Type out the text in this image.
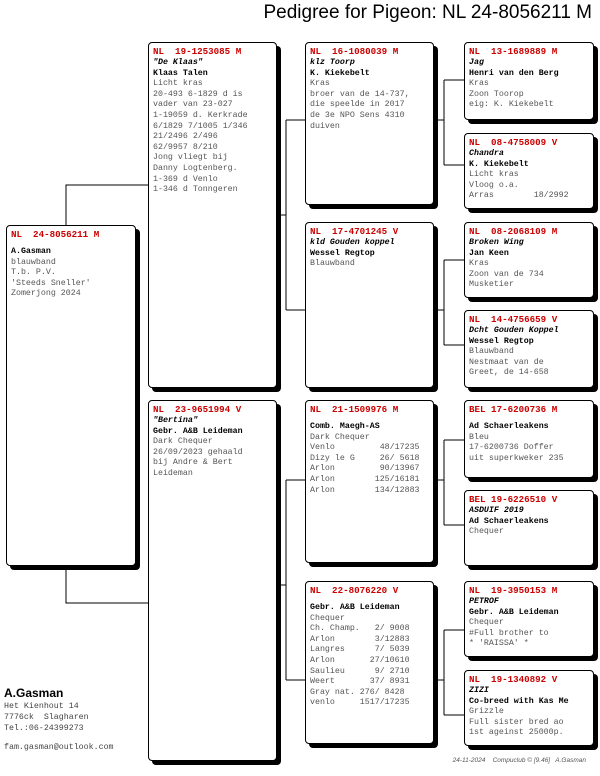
Pedigree for Pigeon: NL 24-8056211 M
NL  24-8056211 M
A.Gasman
blauwband
T.b. P.V.
'Steeds Sneller'
Zomerjong 2024
NL  19-1253085 M
"De Klaas"
Klaas Talen
Licht kras
20-493 6-1829 d is
vader van 23-027
1-19059 d. Kerkrade
6/1829 7/1005 1/346
21/2496 2/496
62/9957 8/210
Jong vliegt bij
Danny Logtenberg.
1-369 d Venlo
1-346 d Tonngeren
NL  23-9651994 V
"Bertina"
Gebr. A&B Leideman
Dark Chequer
26/09/2023 gehaald
bij Andre & Bert
Leideman
NL  16-1080039 M
klz Toorp
K. Kiekebelt
Kras
broer van de 14-737,
die speelde in 2017
de 3e NPO Sens 4310
duiven
NL  17-4701245 V
kld Gouden koppel
Wessel Regtop
Blauwband
NL  21-1509976 M
Comb. Maegh-AS
Dark Chequer
Venlo         48/17235
Dizy le G     26/ 5618
Arlon         90/13967
Arlon        125/16181
Arlon        134/12883
NL  22-8076220 V
Gebr. A&B Leideman
Chequer
Ch. Champ.   2/ 9008
Arlon        3/12883
Langres      7/ 5039
Arlon       27/10610
Saulieu      9/ 2710
Weert       37/ 8931
Gray nat. 276/ 8428
venlo     1517/17235
NL  13-1689889 M
Jag
Henri van den Berg
Kras
Zoon Toorop
eig: K. Kiekebelt
NL  08-4758009 V
Chandra
K. Kiekebelt
Licht kras
Vloog o.a.
Arras        18/2992
NL  08-2068109 M
Broken Wing
Jan Keen
Kras
Zoon van de 734
Musketier
NL  14-4756659 V
Dcht Gouden Koppel
Wessel Regtop
Blauwband
Nestmaat van de
Greet, de 14-658
BEL 17-6200736 M
Ad Schaerleakens
Bleu
17-6200736 Doffer
uit superkweker 235
BEL 19-6226510 V
ASDUIF 2019
Ad Schaerleakens
Chequer
NL  19-3950153 M
PETROF
Gebr. A&B Leideman
Chequer
#Full brother to
* 'RAISSA' *
NL  19-1340892 V
ZIZI
Co-breed with Kas Me
Grizzle
Full sister bred ao
1st ageinst 25000p.
A.Gasman
Het Kienhout 14
7776ck  Slagharen
Tel.:06-24399273
fam.gasman@outlook.com
24-11-2024    Compuclub © [9.46]   A.Gasman
